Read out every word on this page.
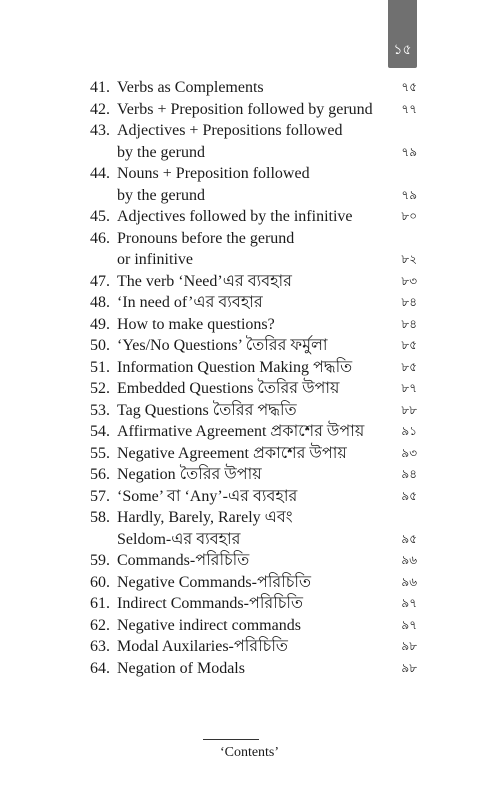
১৫
41. Verbs as Complements	৭৫
42. Verbs + Preposition followed by gerund	৭৭
43. Adjectives + Prepositions followed
by the gerund	৭৯
44. Nouns + Preposition followed
by the gerund	৭৯
45. Adjectives followed by the infinitive	৮০
46. Pronouns before the gerund
or infinitive	৮২
47. The verb ‘Need’এর ব্যবহার	৮৩
48. ‘In need of’এর ব্যবহার	৮৪
49. How to make questions?	৮৪
50. ‘Yes/No Questions’ তৈরির ফর্মুলা	৮৫
51. Information Question Making পদ্ধতি	৮৫
52. Embedded Questions তৈরির উপায়	৮৭
53. Tag Questions তৈরির পদ্ধতি	৮৮
54. Affirmative Agreement প্রকাশের উপায়	৯১
55. Negative Agreement প্রকাশের উপায়	৯৩
56. Negation তৈরির উপায়	৯৪
57. ‘Some’ বা ‘Any’-এর ব্যবহার	৯৫
58. Hardly, Barely, Rarely এবং
Seldom-এর ব্যবহার	৯৫
59. Commands-পরিচিতি	৯৬
60. Negative Commands-পরিচিতি	৯৬
61. Indirect Commands-পরিচিতি	৯৭
62. Negative indirect commands	৯৭
63. Modal Auxilaries-পরিচিতি	৯৮
64. Negation of Modals	৯৮
‘Contents’
